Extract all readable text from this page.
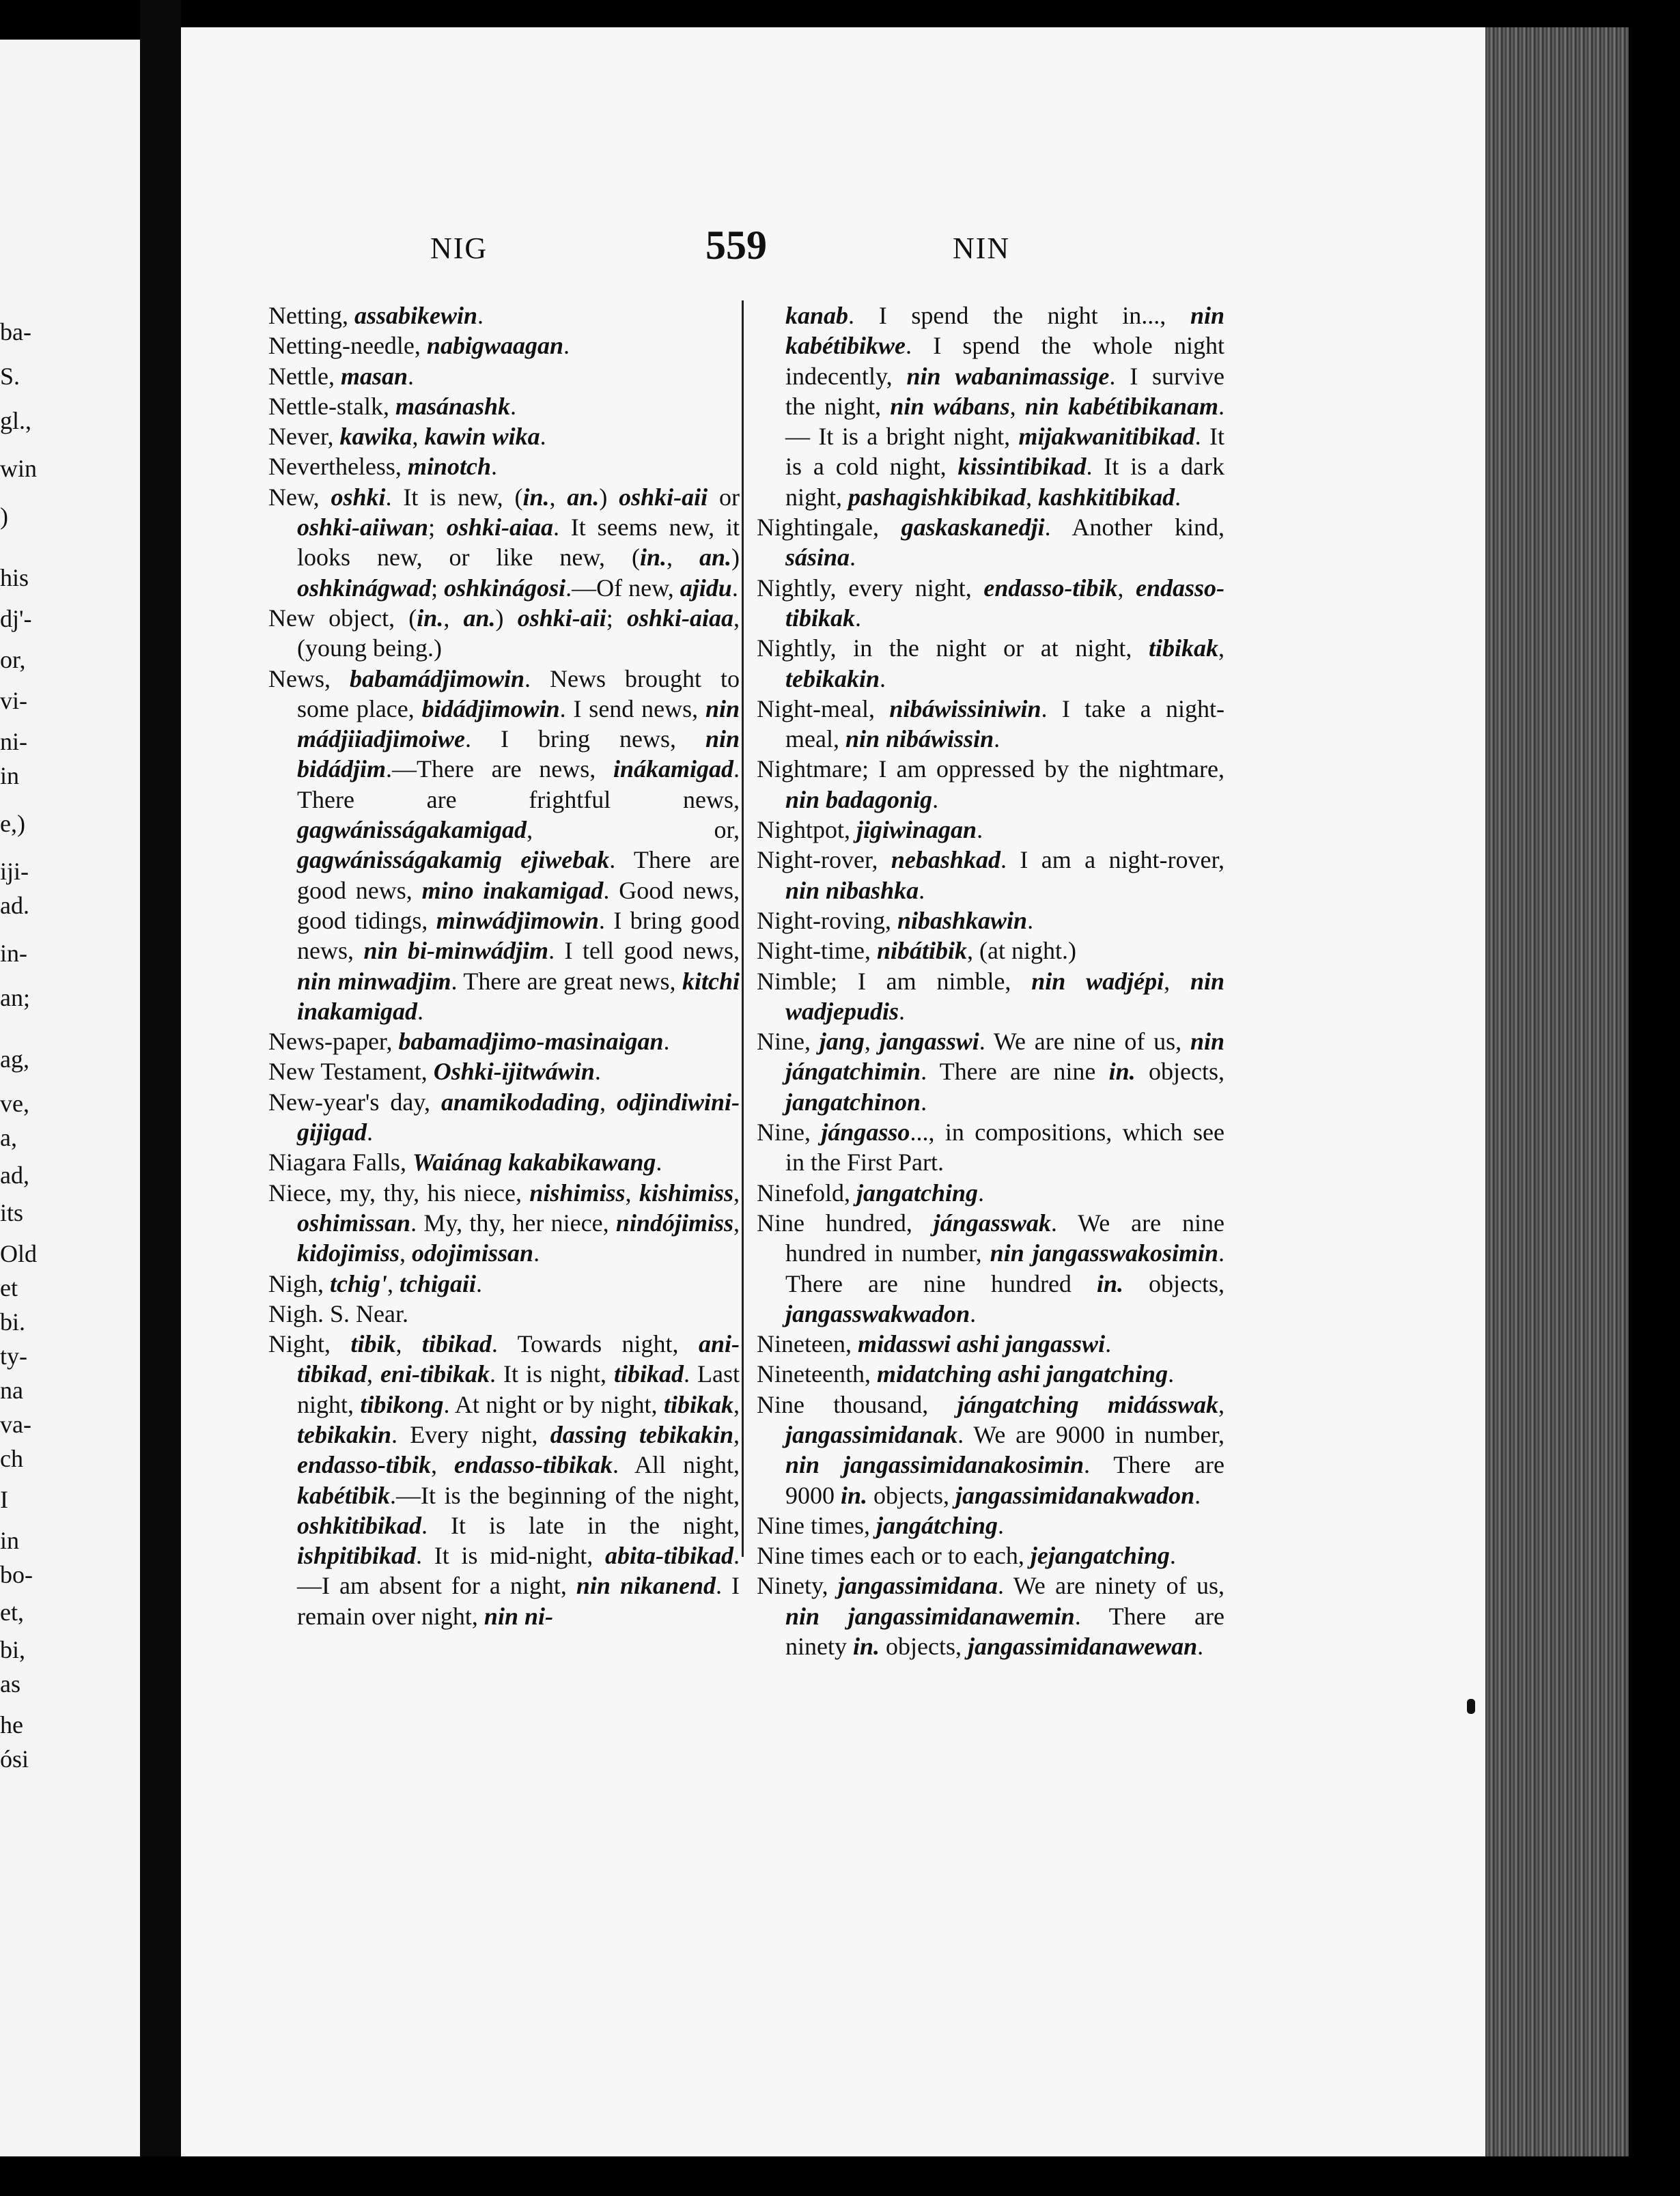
ba-
S.
gl.,
win
)
his
dj'-
or,
vi-
ni-
in
e,)
iji-
ad.
in-
an;
ag,
ve,
a,
ad,
its
Old
et
bi.
ty-
na
va-
ch
I
in
bo-
et,
bi,
as
he
ósi
NIG	559	NIN

Netting, assabikewin.

Netting-needle, nabigwaagan.

Nettle, masan.

Nettle-stalk, masánashk.

Never, kawika, kawin wika.

Nevertheless, minotch.

New, oshki. It is new, (in., an.) oshki-aii or oshki-aiiwan; oshki-aiaa. It seems new, it looks new, or like new, (in., an.) oshkinágwad; oshkinágosi.—Of new, ajidu.

New object, (in., an.) oshki-aii; oshki-aiaa, (young being.)

News, babamádjimowin. News brought to some place, bidádjimowin. I send news, nin mádjiiadjimoiwe. I bring news, nin bidádjim.—There are news, inákamigad. There are frightful news, gagwánisságakamigad, or, gagwánisságakamig ejiwebak. There are good news, mino inakamigad. Good news, good tidings, minwádjimowin. I bring good news, nin bi-minwádjim. I tell good news, nin minwadjim. There are great news, kitchi inakamigad.

News-paper, babamadjimo-masinaigan.

New Testament, Oshki-ijitwáwin.

New-year's day, anamikodading, odjindiwini-gijigad.

Niagara Falls, Waiánag kakabikawang.

Niece, my, thy, his niece, nishimiss, kishimiss, oshimissan. My, thy, her niece, nindójimiss, kidojimiss, odojimissan.

Nigh, tchig', tchigaii.

Nigh. S. Near.

Night, tibik, tibikad. Towards night, ani-tibikad, eni-tibikak. It is night, tibikad. Last night, tibikong. At night or by night, tibikak, tebikakin. Every night, dassing tebikakin, endasso-tibik, endasso-tibikak. All night, kabétibik.—It is the beginning of the night, oshkitibikad. It is late in the night, ishpitibikad. It is mid-night, abita-tibikad. —I am absent for a night, nin nikanend. I remain over night, nin ni-

kanab. I spend the night in..., nin kabétibikwe. I spend the whole night indecently, nin wabanimassige. I survive the night, nin wábans, nin kabétibikanam. — It is a bright night, mijakwanitibikad. It is a cold night, kissintibikad. It is a dark night, pashagishkibikad, kashkitibikad.

Nightingale, gaskaskanedji. Another kind, sásina.

Nightly, every night, endasso-tibik, endasso-tibikak.

Nightly, in the night or at night, tibikak, tebikakin.

Night-meal, nibáwissiniwin. I take a night-meal, nin nibáwissin.

Nightmare; I am oppressed by the nightmare, nin badagonig.

Nightpot, jigiwinagan.

Night-rover, nebashkad. I am a night-rover, nin nibashka.

Night-roving, nibashkawin.

Night-time, nibátibik, (at night.)

Nimble; I am nimble, nin wadjépi, nin wadjepudis.

Nine, jang, jangasswi. We are nine of us, nin jángatchimin. There are nine in. objects, jangatchinon.

Nine, jángasso..., in compositions, which see in the First Part.

Ninefold, jangatching.

Nine hundred, jángasswak. We are nine hundred in number, nin jangasswakosimin. There are nine hundred in. objects, jangasswakwadon.

Nineteen, midasswi ashi jangasswi.

Nineteenth, midatching ashi jangatching.

Nine thousand, jángatching midásswak, jangassimidanak. We are 9000 in number, nin jangassimidanakosimin. There are 9000 in. objects, jangassimidanakwadon.

Nine times, jangátching.

Nine times each or to each, jejangatching.

Ninety, jangassimidana. We are ninety of us, nin jangassimidanawemin. There are ninety in. objects, jangassimidanawewan.
